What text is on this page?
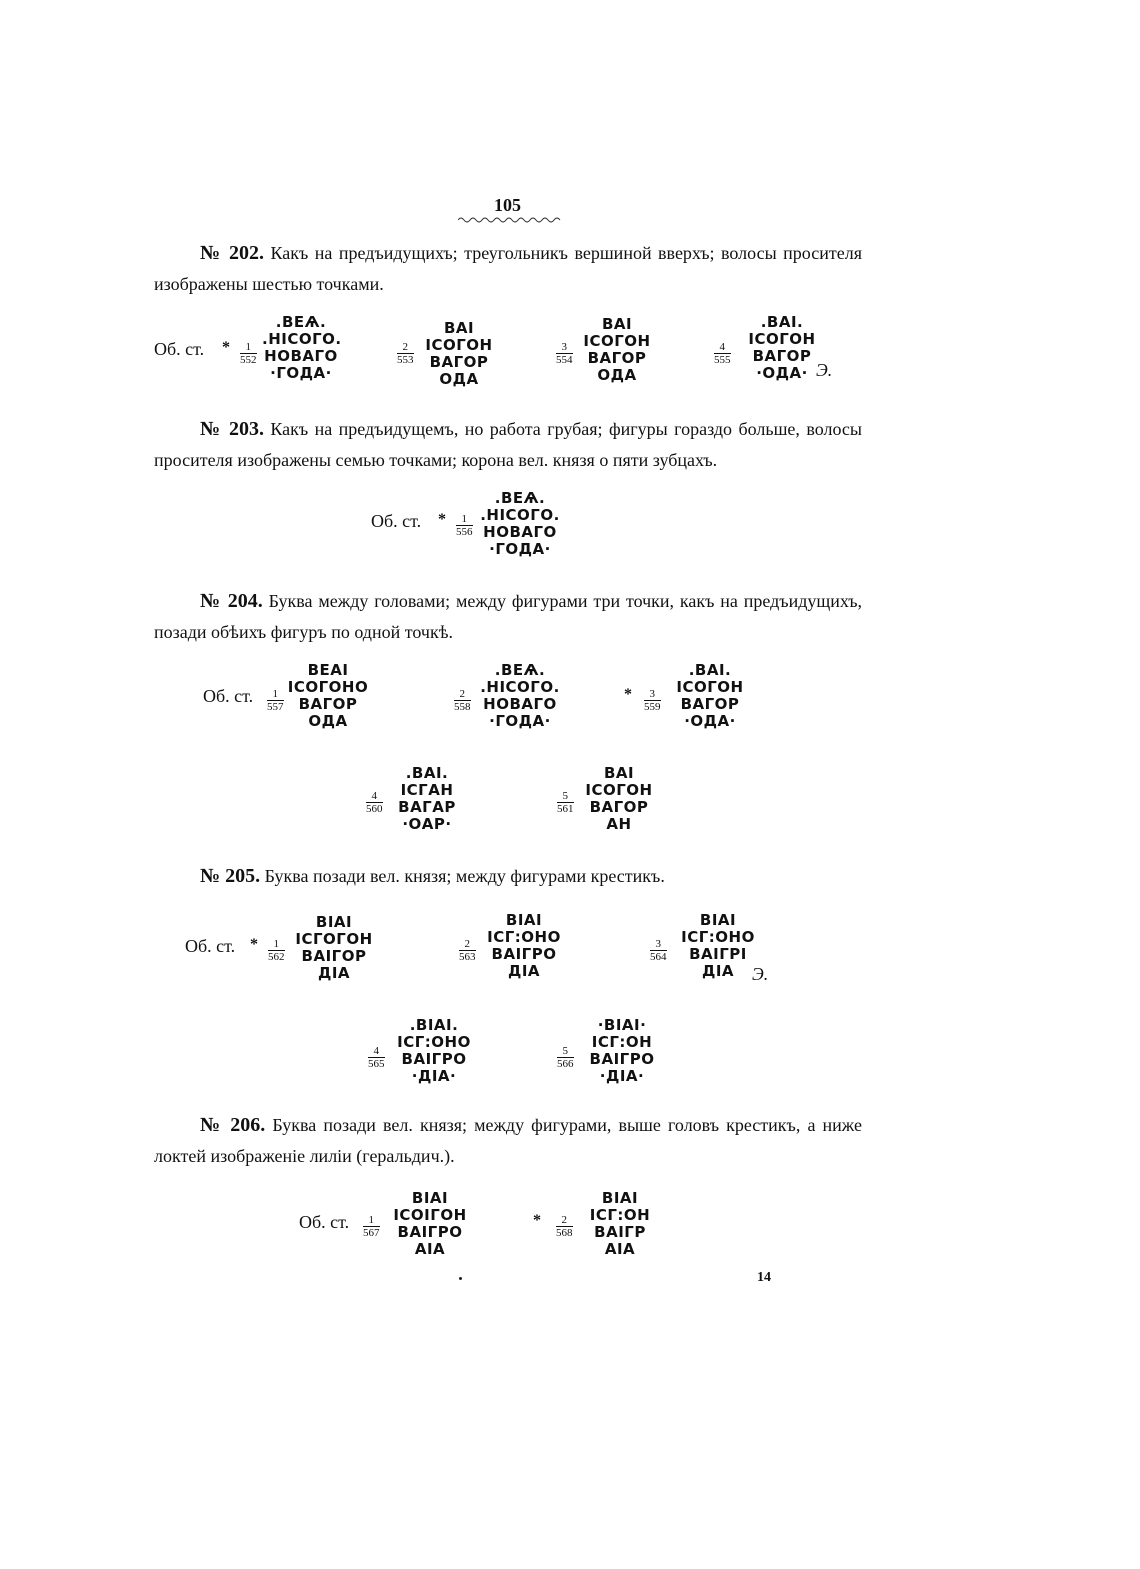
105
№ 202. Какъ на предъидущихъ; треугольникъ вершиной вверхъ; волосы просителя изображены шестью точками.
Об. ст. * $\frac{1}{552}$
.ВЕѦ.
.НІСОГО.
НОВАГО
·ГОДА·
$\frac{2}{553}$
ВАІ
ІСОГОН
ВАГОР
ОДА
$\frac{3}{554}$
ВАІ
ІСОГОН
ВАГОР
ОДА
$\frac{4}{555}$
.ВАІ.
ІСОГОН
ВАГОР
·ОДА· Э.
№ 203. Какъ на предъидущемъ, но работа грубая; фигуры гораздо больше, волосы просителя изображены семью точками; корона вел. князя о пяти зубцахъ.
Об. ст. * $\frac{1}{556}$
.ВЕѦ.
.НІСОГО.
НОВАГО
·ГОДА·
№ 204. Буква между головами; между фигурами три точки, какъ на предъидущихъ, позади обѣихъ фигуръ по одной точкѣ.
Об. ст. $\frac{1}{557}$
ВЕАІ
ІСОГОНО
ВАГОР
ОДА
$\frac{2}{558}$
.ВЕѦ.
.НІСОГО.
НОВАГО
·ГОДА·
* $\frac{3}{559}$
.ВАІ.
ІСОГОН
ВАГОР
·ОДА·
$\frac{4}{560}$
.ВАІ.
ІСГАН
ВАГАР
·ОАР·
$\frac{5}{561}$
ВАІ
ІСОГОН
ВАГОР
АН
№ 205. Буква позади вел. князя; между фигурами крестикъ.
Об. ст. * $\frac{1}{562}$
ВІАІ
ІСГОГОН
ВАІГОР
ДІА
$\frac{2}{563}$
ВІАІ
ІСГ:ОНО
ВАІГРО
ДІА
$\frac{3}{564}$
ВІАІ
ІСГ:ОНО
ВАІГРІ
ДІА Э.
$\frac{4}{565}$
.ВІАІ.
ІСГ:ОНО
ВАІГРО
·ДІА·
$\frac{5}{566}$
·ВІАІ·
ІСГ:ОН
ВАІГРО
·ДІА·
№ 206. Буква позади вел. князя; между фигурами, выше головъ крестикъ, а ниже локтей изображеніе лиліи (геральдич.).
Об. ст. $\frac{1}{567}$
ВІАІ
ІСОІГОН
ВАІГРО
АІА
* $\frac{2}{568}$
ВІАІ
ІСГ:ОН
ВАІГР
АІА
14
